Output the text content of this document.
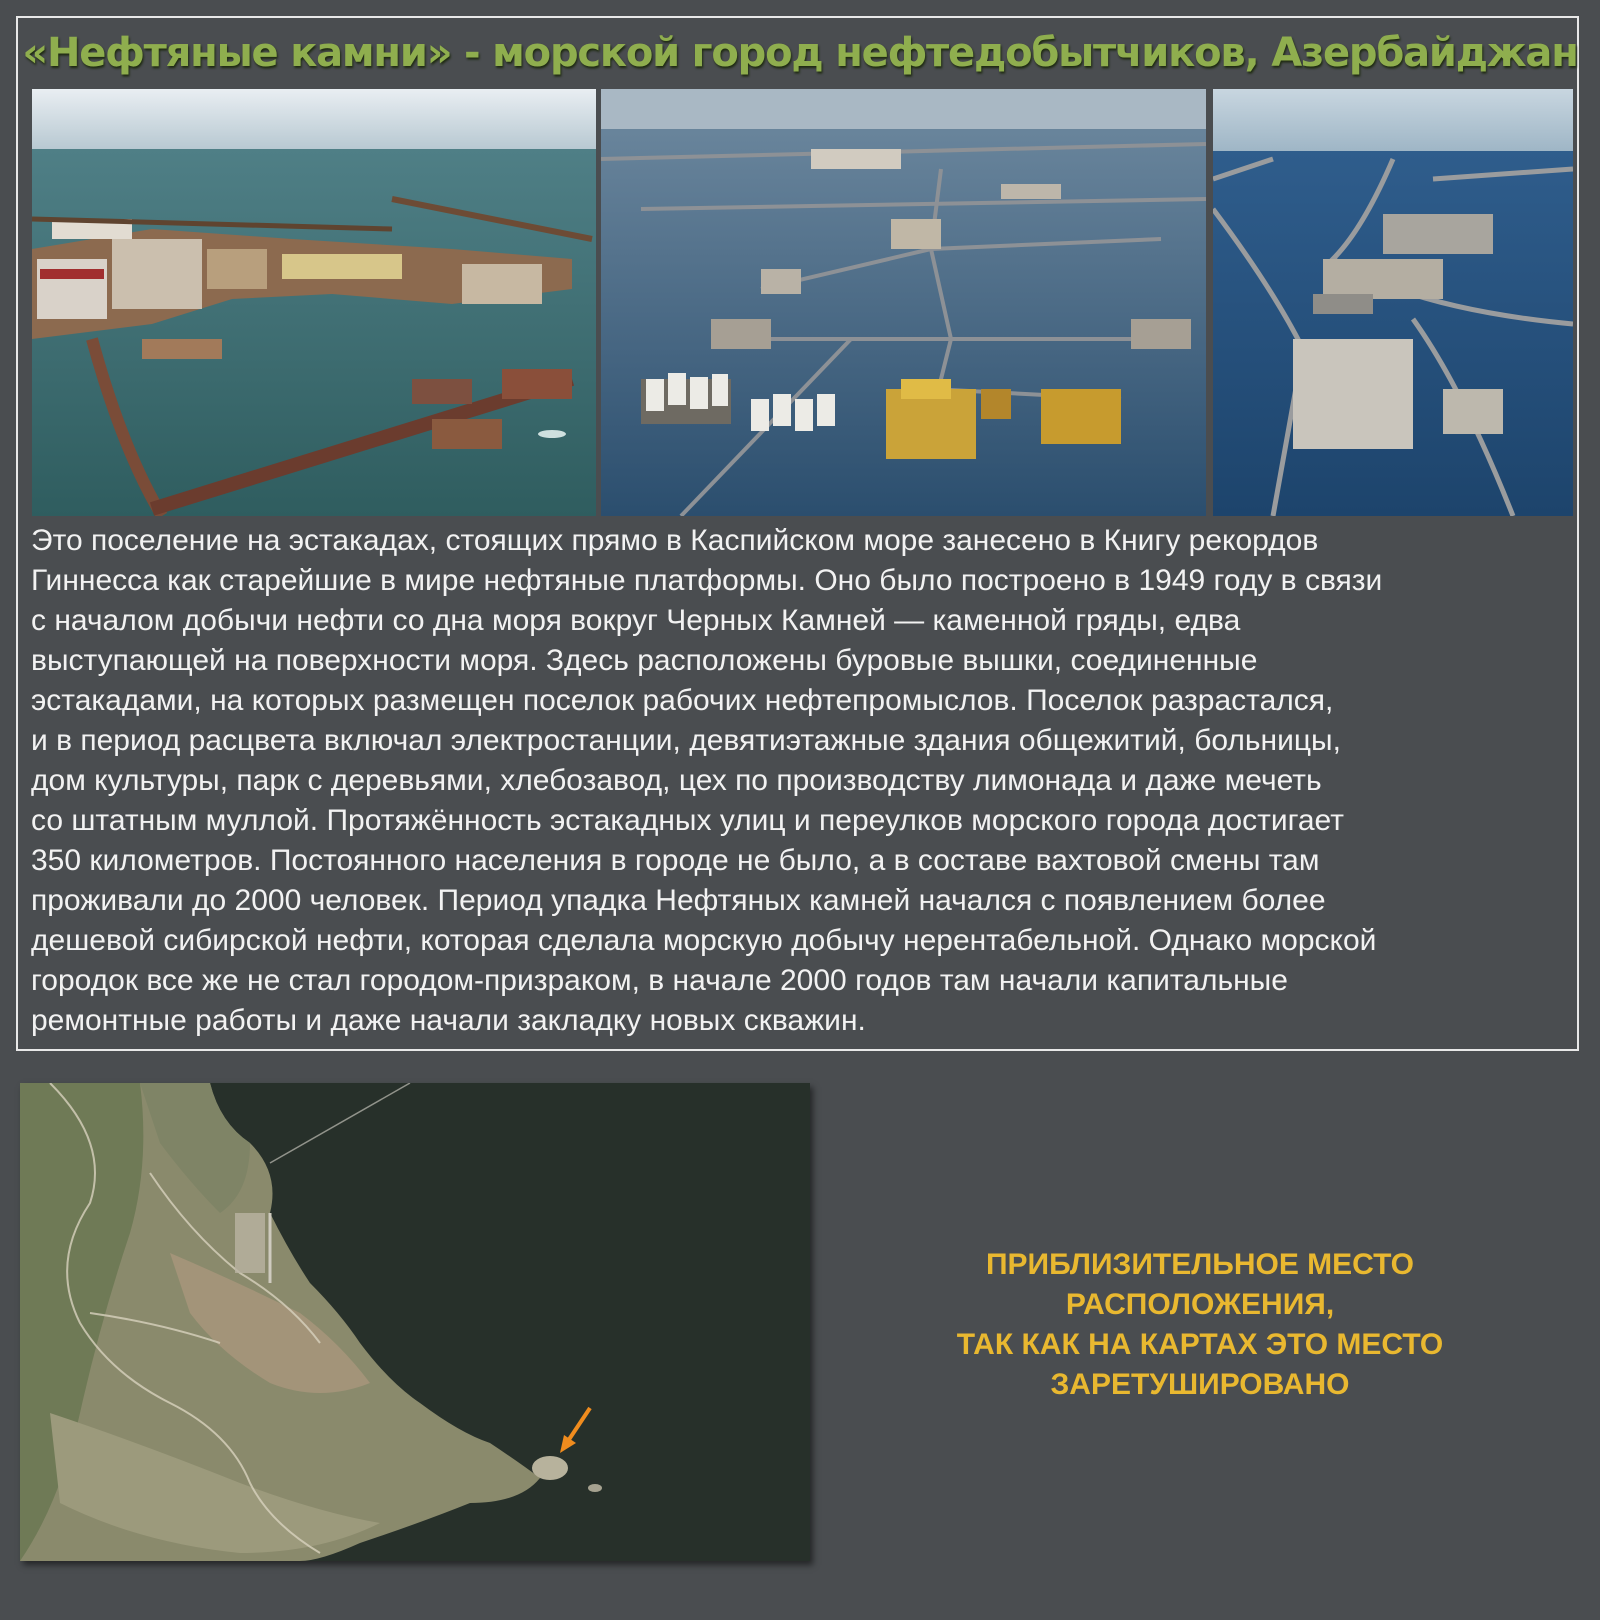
«Нефтяные камни» - морской город нефтедобытчиков, Азербайджан
Это поселение на эстакадах, стоящих прямо в Каспийском море занесено в Книгу рекордов
Гиннесса как старейшие в мире нефтяные платформы. Оно было построено в 1949 году в связи
с началом добычи нефти со дна моря вокруг Черных Камней — каменной гряды, едва
выступающей на поверхности моря. Здесь расположены буровые вышки, соединенные
эстакадами, на которых размещен поселок рабочих нефтепромыслов. Поселок разрастался,
и в период расцвета включал электростанции, девятиэтажные здания общежитий, больницы,
дом культуры, парк с деревьями, хлебозавод, цех по производству лимонада и даже мечеть
со штатным муллой. Протяжённость эстакадных улиц и переулков морского города достигает
350 километров. Постоянного населения в городе не было, а в составе вахтовой смены там
проживали до 2000 человек. Период упадка Нефтяных камней начался с появлением более
дешевой сибирской нефти, которая сделала морскую добычу нерентабельной. Однако морской
городок все же не стал городом-призраком, в начале 2000 годов там начали капитальные
ремонтные работы и даже начали закладку новых скважин.
ПРИБЛИЗИТЕЛЬНОЕ МЕСТО
РАСПОЛОЖЕНИЯ,
ТАК КАК НА КАРТАХ ЭТО МЕСТО
ЗАРЕТУШИРОВАНО
